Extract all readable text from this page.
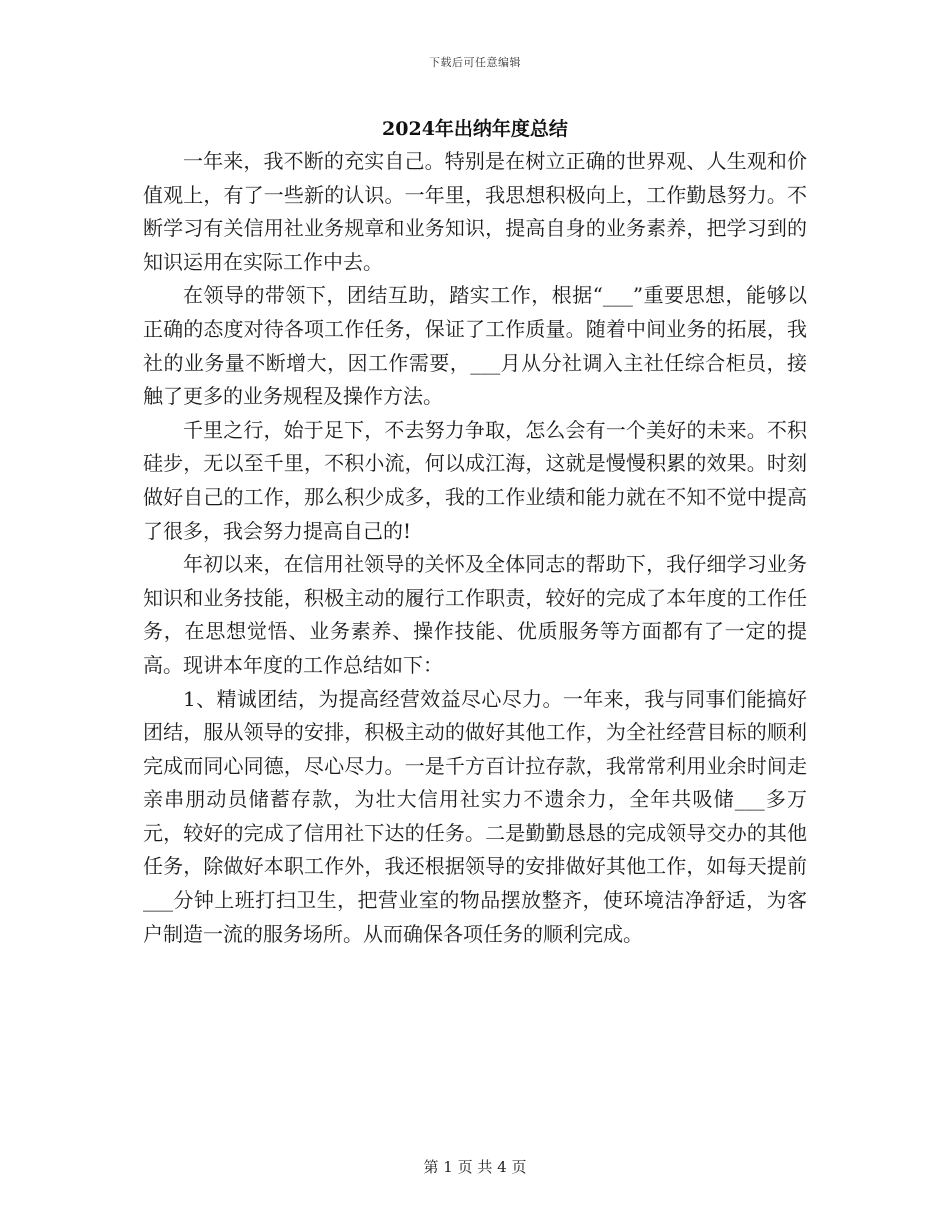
下载后可任意编辑
2024年出纳年度总结

一年来，我不断的充实自己。特别是在树立正确的世界观、人生观和价值观上，有了一些新的认识。一年里，我思想积极向上，工作勤恳努力。不断学习有关信用社业务规章和业务知识，提高自身的业务素养，把学习到的知识运用在实际工作中去。

在领导的带领下，团结互助，踏实工作，根据“___”重要思想，能够以正确的态度对待各项工作任务，保证了工作质量。随着中间业务的拓展，我社的业务量不断增大，因工作需要，___月从分社调入主社任综合柜员，接触了更多的业务规程及操作方法。

千里之行，始于足下，不去努力争取，怎么会有一个美好的未来。不积硅步，无以至千里，不积小流，何以成江海，这就是慢慢积累的效果。时刻做好自己的工作，那么积少成多，我的工作业绩和能力就在不知不觉中提高了很多，我会努力提高自己的!

年初以来，在信用社领导的关怀及全体同志的帮助下，我仔细学习业务知识和业务技能，积极主动的履行工作职责，较好的完成了本年度的工作任务，在思想觉悟、业务素养、操作技能、优质服务等方面都有了一定的提高。现讲本年度的工作总结如下：

1、精诚团结，为提高经营效益尽心尽力。一年来，我与同事们能搞好团结，服从领导的安排，积极主动的做好其他工作，为全社经营目标的顺利完成而同心同德，尽心尽力。一是千方百计拉存款，我常常利用业余时间走亲串朋动员储蓄存款，为壮大信用社实力不遗余力，全年共吸储___多万元，较好的完成了信用社下达的任务。二是勤勤恳恳的完成领导交办的其他任务，除做好本职工作外，我还根据领导的安排做好其他工作，如每天提前___分钟上班打扫卫生，把营业室的物品摆放整齐，使环境洁净舒适，为客户制造一流的服务场所。从而确保各项任务的顺利完成。

第 1 页 共 4 页
